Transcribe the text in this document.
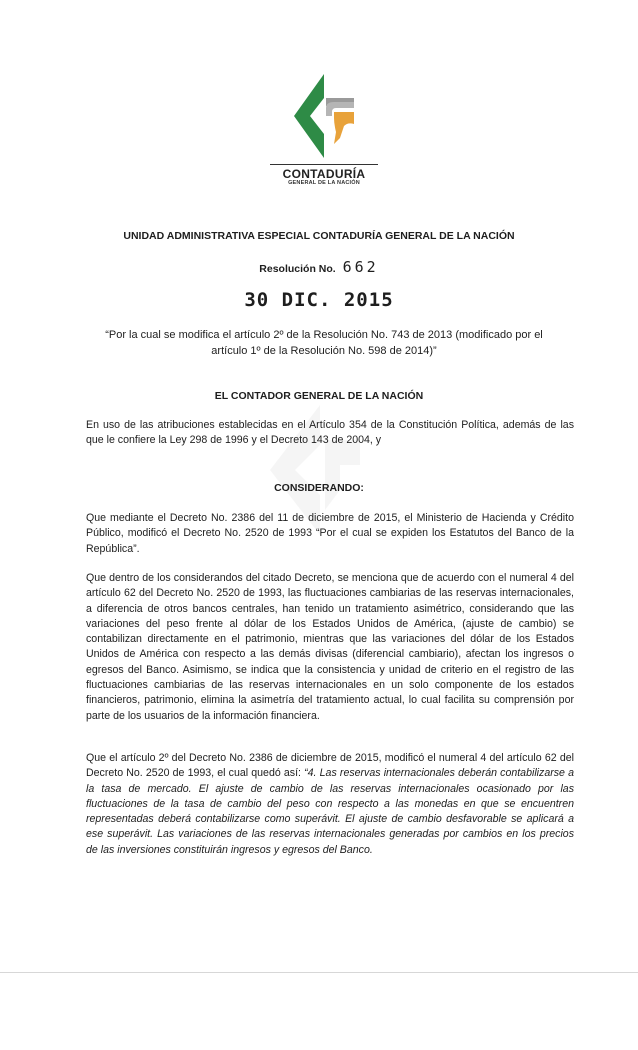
CONTADURÍA
GENERAL DE LA NACIÓN
UNIDAD ADMINISTRATIVA ESPECIAL CONTADURÍA GENERAL DE LA NACIÓN
Resolución No. 662
30 DIC. 2015
“Por la cual se modifica el artículo 2º de la Resolución No. 743 de 2013 (modificado por el artículo 1º de la Resolución No. 598 de 2014)”
EL CONTADOR GENERAL DE LA NACIÓN
En uso de las atribuciones establecidas en el Artículo 354 de la Constitución Política, además de las que le confiere la Ley 298 de 1996 y el Decreto 143 de 2004, y
CONSIDERANDO:
Que mediante el Decreto No. 2386 del 11 de diciembre de 2015, el Ministerio de Hacienda y Crédito Público, modificó el Decreto No. 2520 de 1993 “Por el cual se expiden los Estatutos del Banco de la República”.
Que dentro de los considerandos del citado Decreto, se menciona que de acuerdo con el numeral 4 del artículo 62 del Decreto No. 2520 de 1993, las fluctuaciones cambiarias de las reservas internacionales, a diferencia de otros bancos centrales, han tenido un tratamiento asimétrico, considerando que las variaciones del peso frente al dólar de los Estados Unidos de América, (ajuste de cambio) se contabilizan directamente en el patrimonio, mientras que las variaciones del dólar de los Estados Unidos de América con respecto a las demás divisas (diferencial cambiario), afectan los ingresos o egresos del Banco. Asimismo, se indica que la consistencia y unidad de criterio en el registro de las fluctuaciones cambiarias de las reservas internacionales en un solo componente de los estados financieros, patrimonio, elimina la asimetría del tratamiento actual, lo cual facilita su comprensión por parte de los usuarios de la información financiera.
Que el artículo 2º del Decreto No. 2386 de diciembre de 2015, modificó el numeral 4 del artículo 62 del Decreto No. 2520 de 1993, el cual quedó así: “4. Las reservas internacionales deberán contabilizarse a la tasa de mercado. El ajuste de cambio de las reservas internacionales ocasionado por las fluctuaciones de la tasa de cambio del peso con respecto a las monedas en que se encuentren representadas deberá contabilizarse como superávit. El ajuste de cambio desfavorable se aplicará a ese superávit. Las variaciones de las reservas internacionales generadas por cambios en los precios de las inversiones constituirán ingresos y egresos del Banco.
